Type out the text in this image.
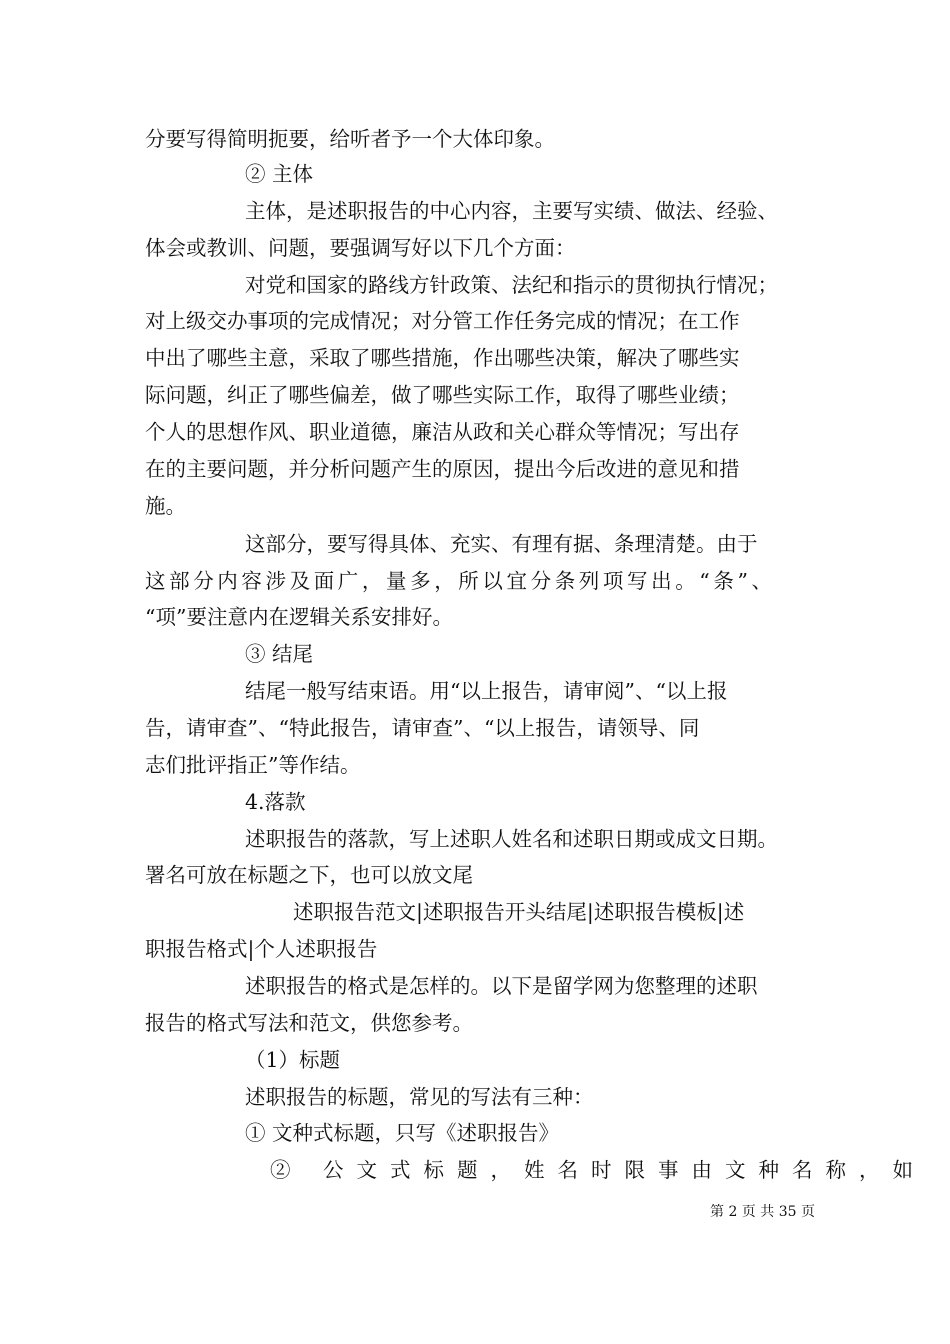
分要写得简明扼要，给听者予一个大体印象。
② 主体
主体，是述职报告的中心内容，主要写实绩、做法、经验、
体会或教训、问题，要强调写好以下几个方面：
对党和国家的路线方针政策、法纪和指示的贯彻执行情况；
对上级交办事项的完成情况；对分管工作任务完成的情况；在工作
中出了哪些主意，采取了哪些措施，作出哪些决策，解决了哪些实
际问题，纠正了哪些偏差，做了哪些实际工作，取得了哪些业绩；
个人的思想作风、职业道德，廉洁从政和关心群众等情况；写出存
在的主要问题，并分析问题产生的原因，提出今后改进的意见和措
施。
这部分，要写得具体、充实、有理有据、条理清楚。由于
这部分内容涉及面广，量多，所以宜分条列项写出。“条”、
“项”要注意内在逻辑关系安排好。
③ 结尾
结尾一般写结束语。用“以上报告，请审阅”、“以上报
告，请审查”、“特此报告，请审查”、“以上报告，请领导、同
志们批评指正”等作结。
4.落款
述职报告的落款，写上述职人姓名和述职日期或成文日期。
署名可放在标题之下，也可以放文尾
述职报告范文|述职报告开头结尾|述职报告模板|述
职报告格式|个人述职报告
述职报告的格式是怎样的。以下是留学网为您整理的述职
报告的格式写法和范文，供您参考。
（1）标题
述职报告的标题，常见的写法有三种：
① 文种式标题，只写《述职报告》
② 公文式标题，姓名时限事由文种名称，如
第 2 页 共 35 页
